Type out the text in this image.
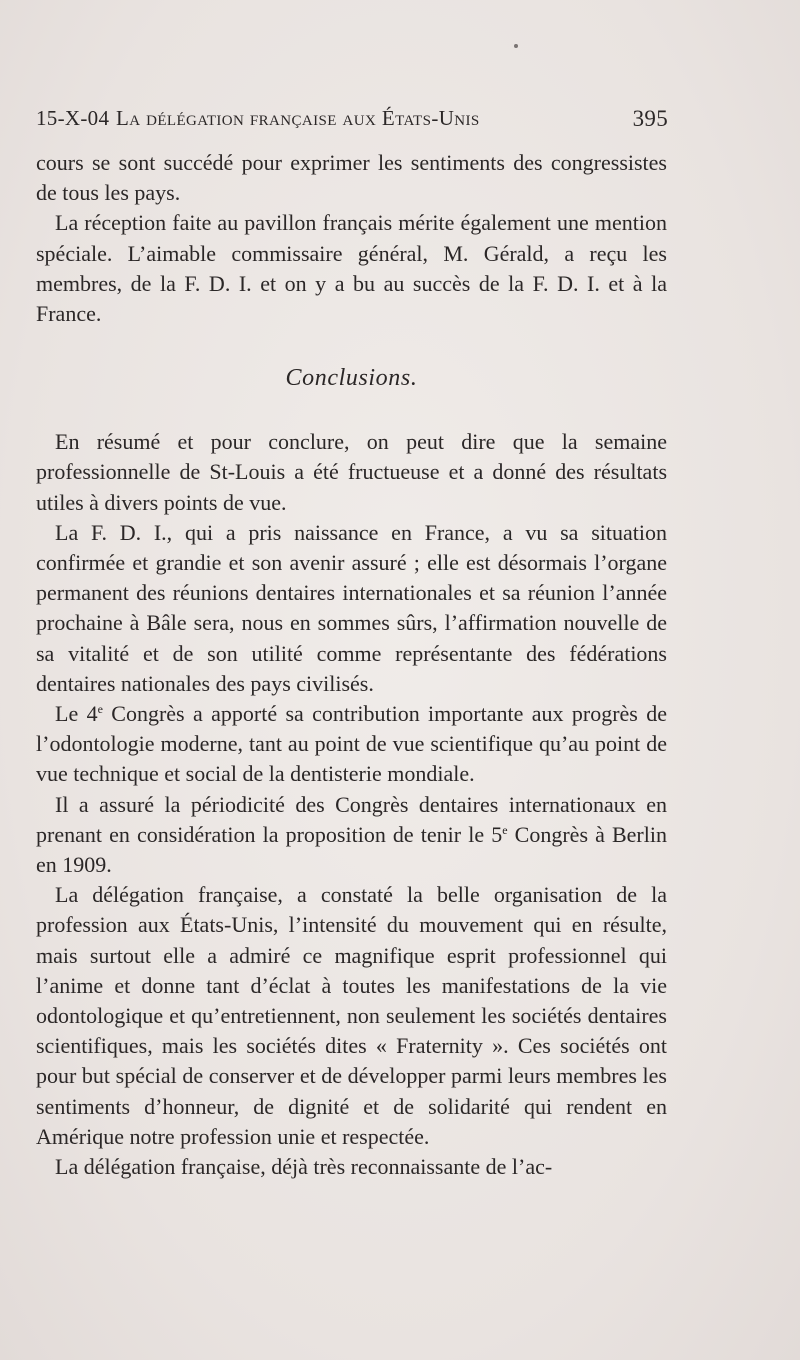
15-X-04 La délégation française aux États-Unis	395

cours se sont succédé pour exprimer les sentiments des congressistes de tous les pays.

La réception faite au pavillon français mérite également une mention spéciale. L’aimable commissaire général, M. Gérald, a reçu les membres, de la F. D. I. et on y a bu au succès de la F. D. I. et à la France.

Conclusions.

En résumé et pour conclure, on peut dire que la semaine professionnelle de St-Louis a été fructueuse et a donné des résultats utiles à divers points de vue.

La F. D. I., qui a pris naissance en France, a vu sa situation confirmée et grandie et son avenir assuré ; elle est désormais l’organe permanent des réunions dentaires internationales et sa réunion l’année prochaine à Bâle sera, nous en sommes sûrs, l’affirmation nouvelle de sa vitalité et de son utilité comme représentante des fédérations dentaires nationales des pays civilisés.

Le 4e Congrès a apporté sa contribution importante aux progrès de l’odontologie moderne, tant au point de vue scientifique qu’au point de vue technique et social de la dentisterie mondiale.

Il a assuré la périodicité des Congrès dentaires internationaux en prenant en considération la proposition de tenir le 5e Congrès à Berlin en 1909.

La délégation française, a constaté la belle organisation de la profession aux États-Unis, l’intensité du mouvement qui en résulte, mais surtout elle a admiré ce magnifique esprit professionnel qui l’anime et donne tant d’éclat à toutes les manifestations de la vie odontologique et qu’entretiennent, non seulement les sociétés dentaires scientifiques, mais les sociétés dites « Fraternity ». Ces sociétés ont pour but spécial de conserver et de développer parmi leurs membres les sentiments d’honneur, de dignité et de solidarité qui rendent en Amérique notre profession unie et respectée.

La délégation française, déjà très reconnaissante de l’ac-
